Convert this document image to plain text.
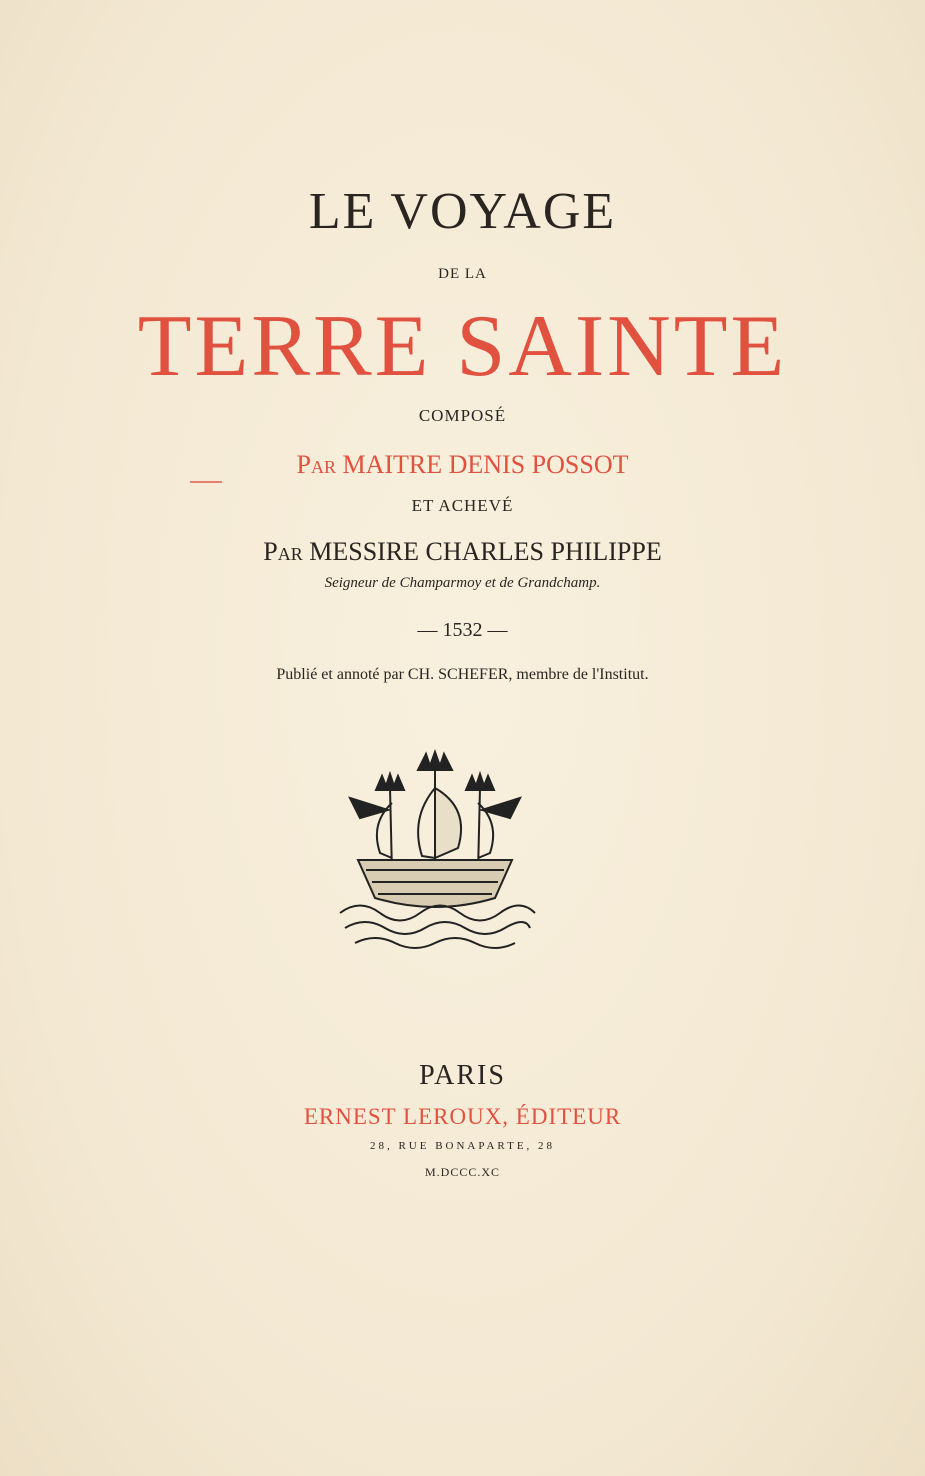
LE VOYAGE
DE LA
TERRE SAINTE
COMPOSÉ
Par MAITRE DENIS POSSOT
ET ACHEVÉ
Par MESSIRE CHARLES PHILIPPE
Seigneur de Champarmoy et de Grandchamp.
— 1532 —
Publié et annoté par CH. SCHEFER, membre de l'Institut.
PARIS
ERNEST LEROUX, ÉDITEUR
28, RUE BONAPARTE, 28
M.DCCC.XC
